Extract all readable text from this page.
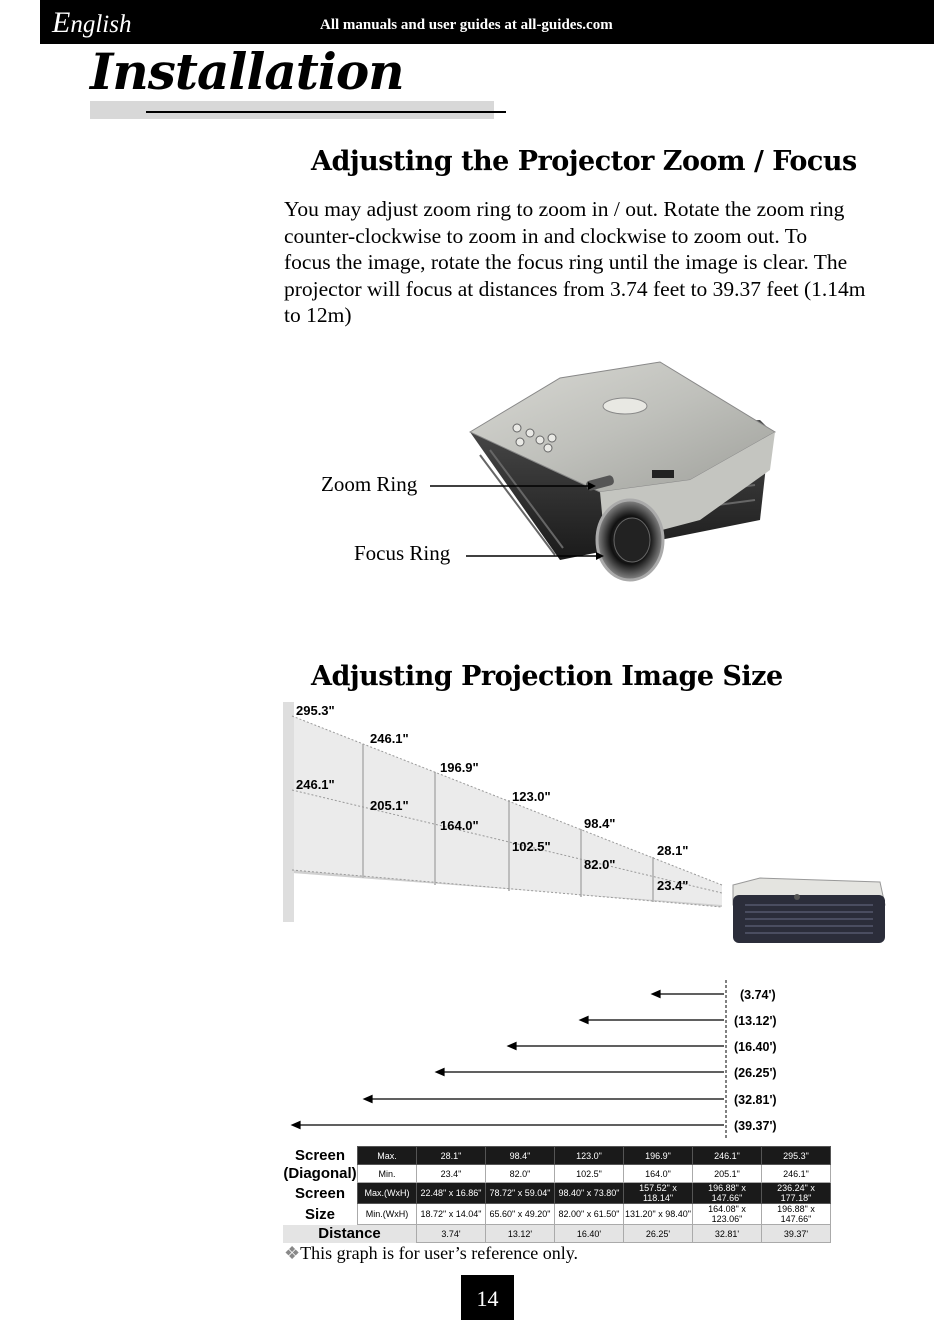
English	All manuals and user guides at all-guides.com
Installation
Adjusting the Projector Zoom / Focus
You may adjust zoom ring to zoom in / out. Rotate the zoom ring
counter-clockwise to zoom in and clockwise to zoom out. To
focus the image, rotate the focus ring until the image is clear. The
projector will focus at distances from 3.74 feet to 39.37 feet (1.14m
to 12m)
Zoom Ring
Focus Ring
Adjusting Projection Image Size
295.3"
246.1"
196.9"
123.0"
98.4"
28.1"
246.1"
205.1"
164.0"
102.5"
82.0"
23.4"
(3.74')
(13.12')
(16.40')
(26.25')
(32.81')
(39.37')
Screen	Max.	28.1"	98.4"	123.0"	196.9"	246.1"	295.3"
(Diagonal)	Min.	23.4"	82.0"	102.5"	164.0"	205.1"	246.1"
Screen	Max.(WxH)	22.48" x 16.86"	78.72" x 59.04"	98.40" x 73.80"	157.52" x 118.14"	196.88" x 147.66"	236.24" x 177.18"
Size	Min.(WxH)	18.72" x 14.04"	65.60" x 49.20"	82.00" x 61.50"	131.20" x 98.40"	164.08" x 123.06"	196.88" x 147.66"
Distance		3.74'	13.12'	16.40'	26.25'	32.81'	39.37'
❖This graph is for user’s reference only.
14
